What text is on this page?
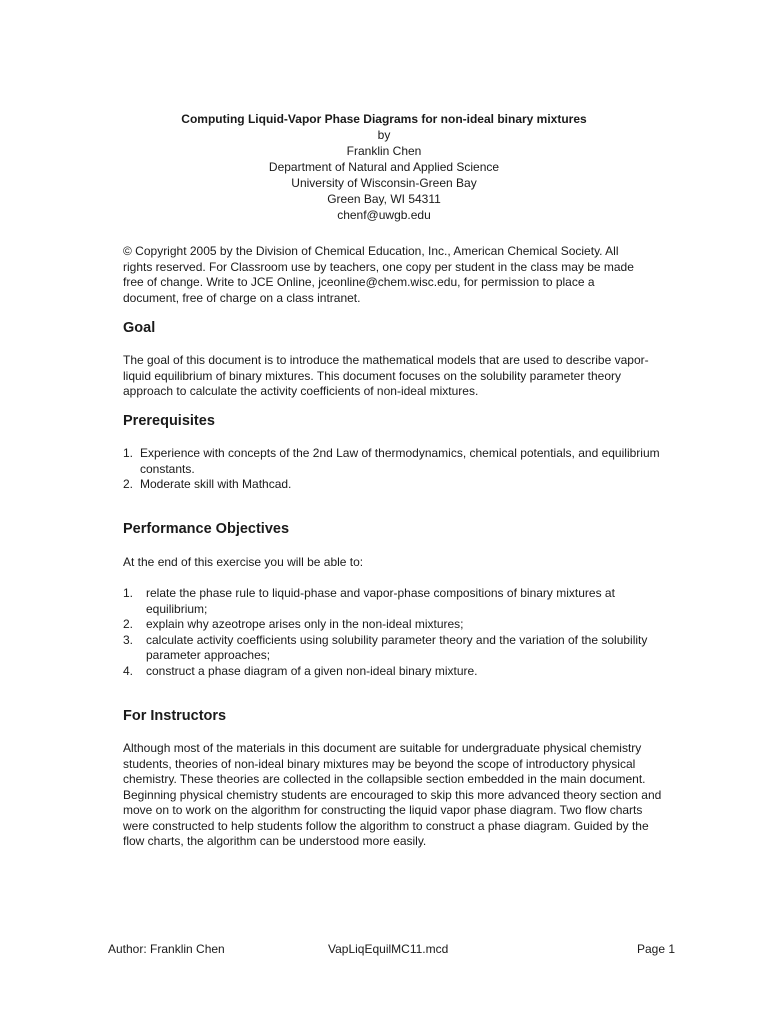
Computing Liquid-Vapor Phase Diagrams for non-ideal binary mixtures

by

Franklin Chen

Department of Natural and Applied Science

University of Wisconsin-Green Bay

Green Bay, WI 54311

chenf@uwgb.edu

© Copyright 2005 by the Division of Chemical Education, Inc., American Chemical Society. All rights reserved. For Classroom use by teachers, one copy per student in the class may be made free of change. Write to JCE Online, jceonline@chem.wisc.edu, for permission to place a document, free of charge on a class intranet.

Goal

The goal of this document is to introduce the mathematical models that are used to describe vapor-liquid equilibrium of binary mixtures. This document focuses on the solubility parameter theory approach to calculate the activity coefficients of non-ideal mixtures.

Prerequisites
1. Experience with concepts of the 2nd Law of thermodynamics, chemical potentials, and equilibrium constants.
2. Moderate skill with Mathcad.
Performance Objectives

At the end of this exercise you will be able to:

1. relate the phase rule to liquid-phase and vapor-phase compositions of binary mixtures at equilibrium;
2. explain why azeotrope arises only in the non-ideal mixtures;
3. calculate activity coefficients using solubility parameter theory and the variation of the solubility parameter approaches;
4. construct a phase diagram of a given non-ideal binary mixture.
For Instructors

Although most of the materials in this document are suitable for undergraduate physical chemistry students, theories of non-ideal binary mixtures may be beyond the scope of introductory physical chemistry. These theories are collected in the collapsible section embedded in the main document. Beginning physical chemistry students are encouraged to skip this more advanced theory section and move on to work on the algorithm for constructing the liquid vapor phase diagram. Two flow charts were constructed to help students follow the algorithm to construct a phase diagram. Guided by the flow charts, the algorithm can be understood more easily.

Author: Franklin Chen	VapLiqEquilMC11.mcd	Page 1
